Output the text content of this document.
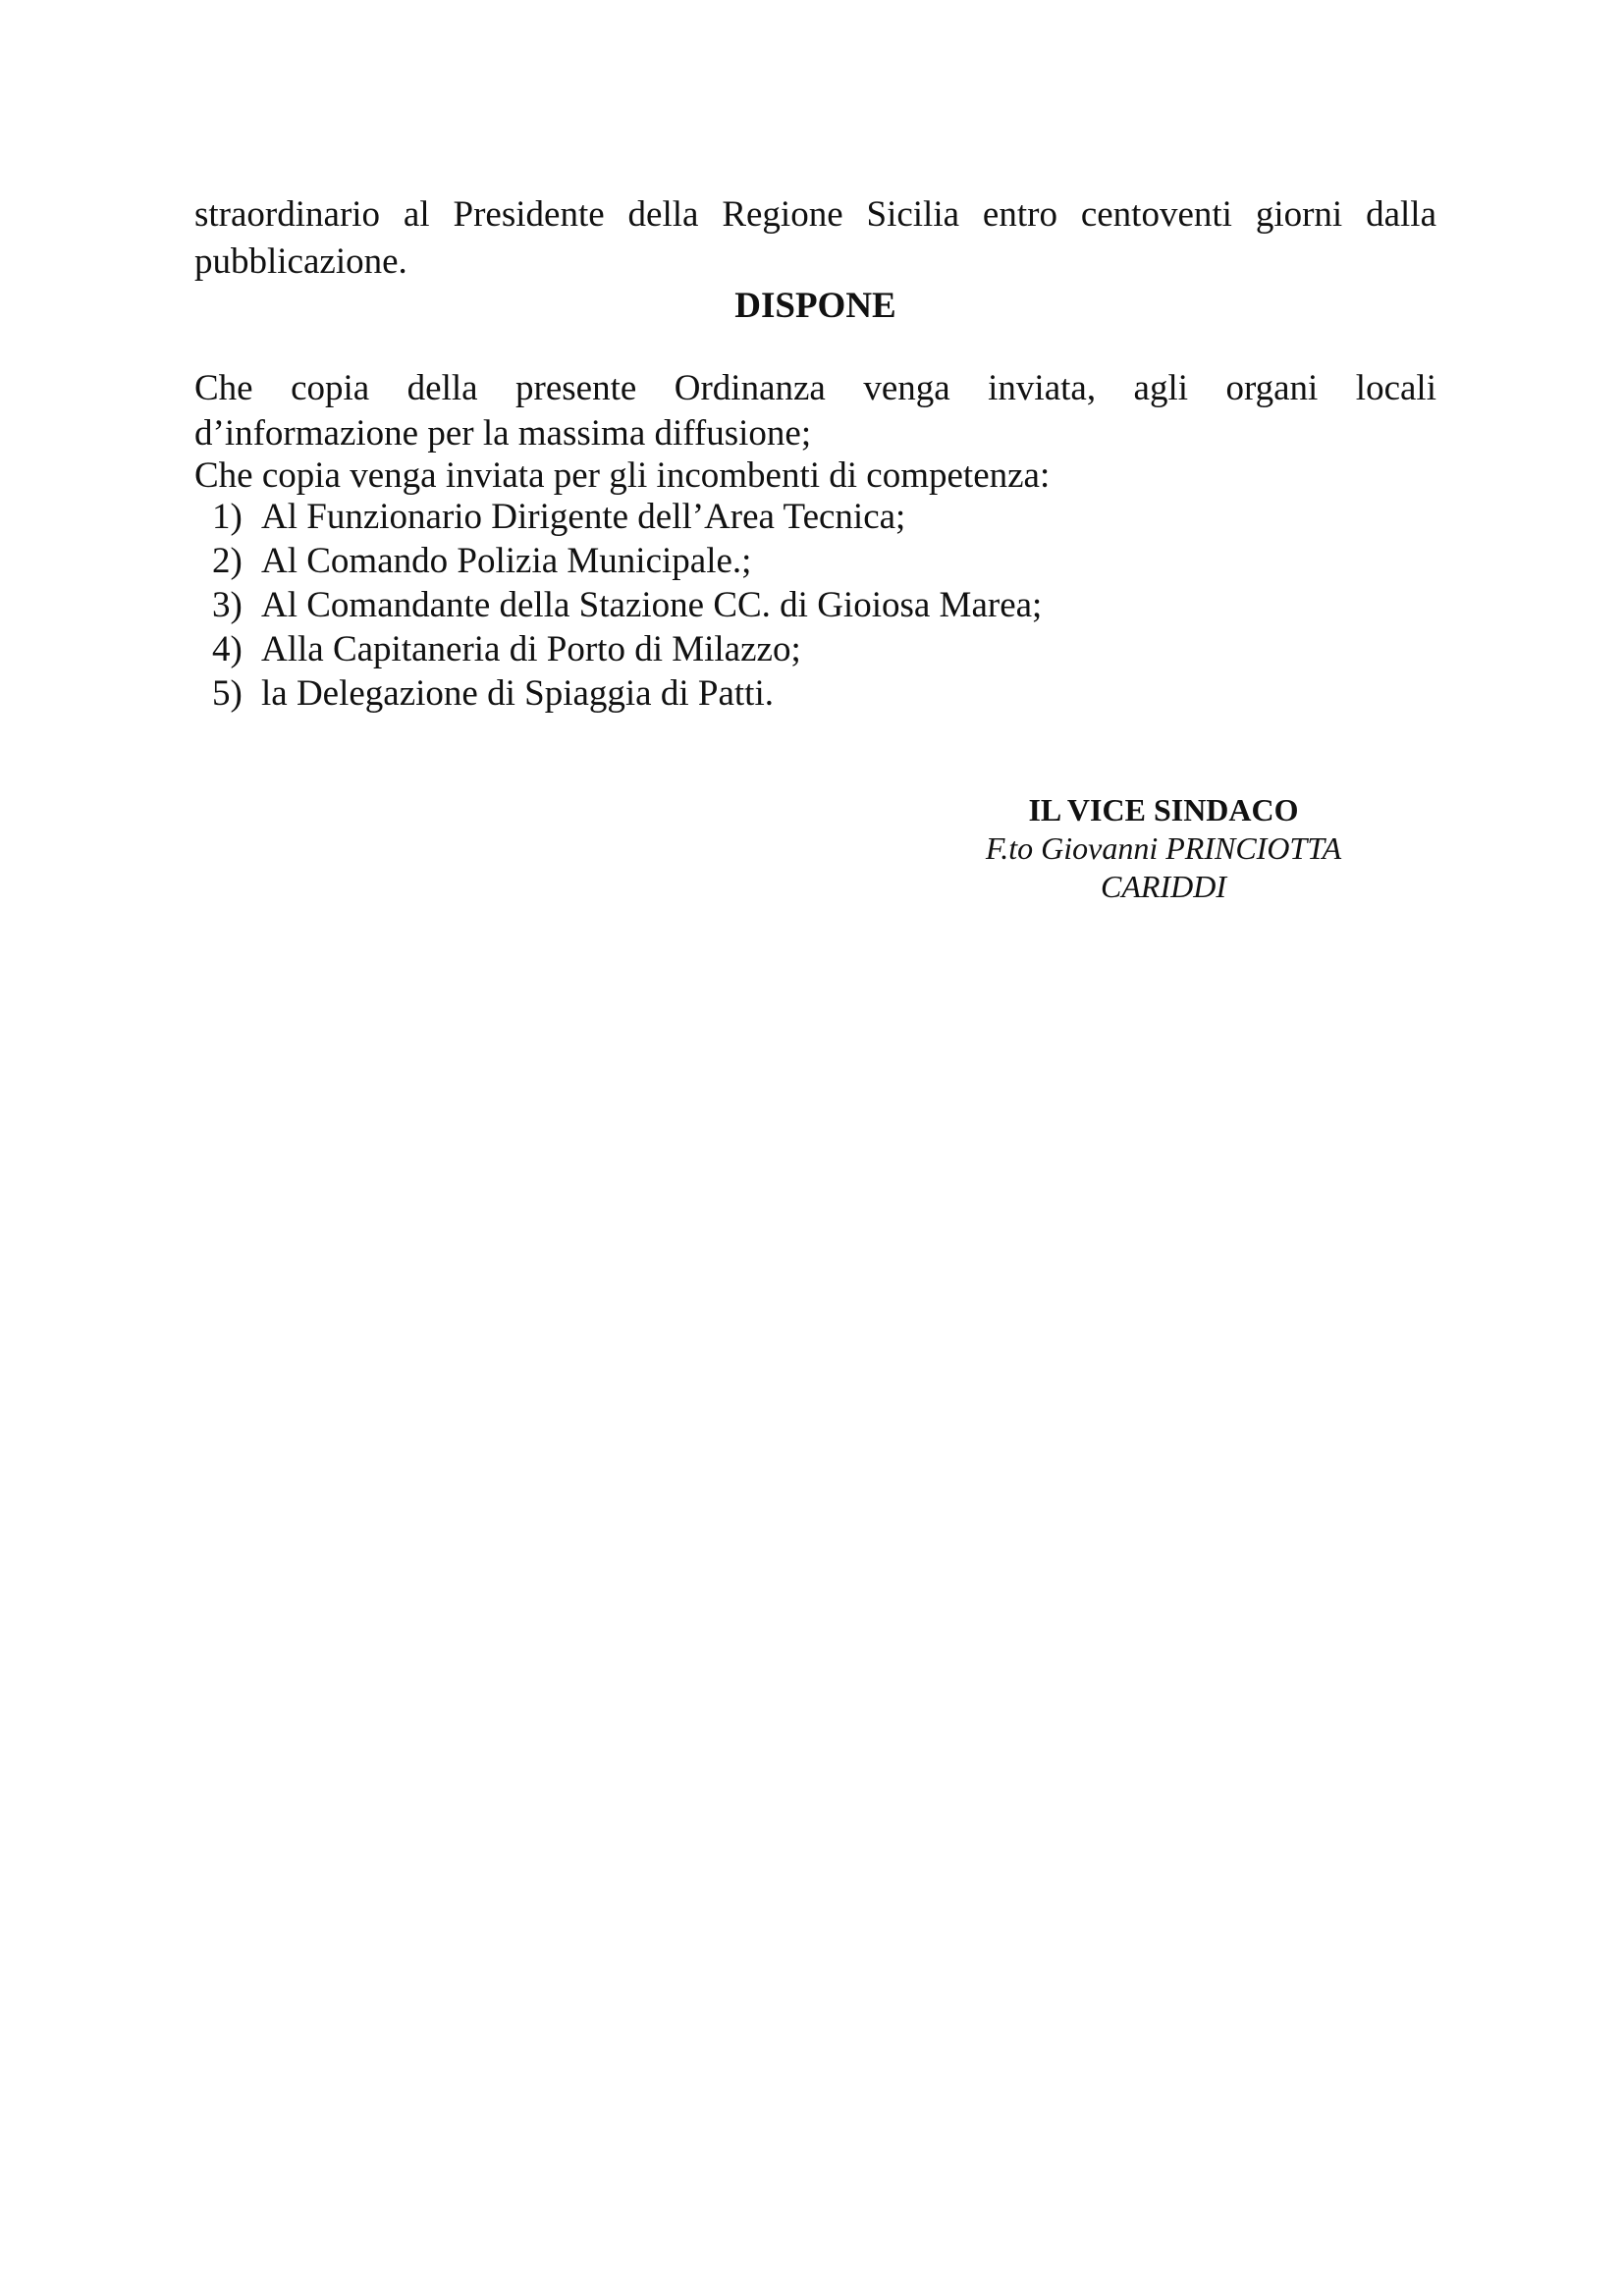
straordinario al Presidente della Regione Sicilia entro centoventi giorni dalla
pubblicazione.
DISPONE
Che copia della presente Ordinanza venga inviata, agli organi locali
d’informazione per la massima diffusione;
Che copia venga inviata per gli incombenti di competenza:
1) Al Funzionario Dirigente dell’Area Tecnica;
2) Al Comando Polizia Municipale.;
3) Al Comandante della Stazione CC. di Gioiosa Marea;
4) Alla Capitaneria di Porto di Milazzo;
5) la Delegazione di Spiaggia di Patti.
IL VICE SINDACO
F.to Giovanni PRINCIOTTA
CARIDDI
